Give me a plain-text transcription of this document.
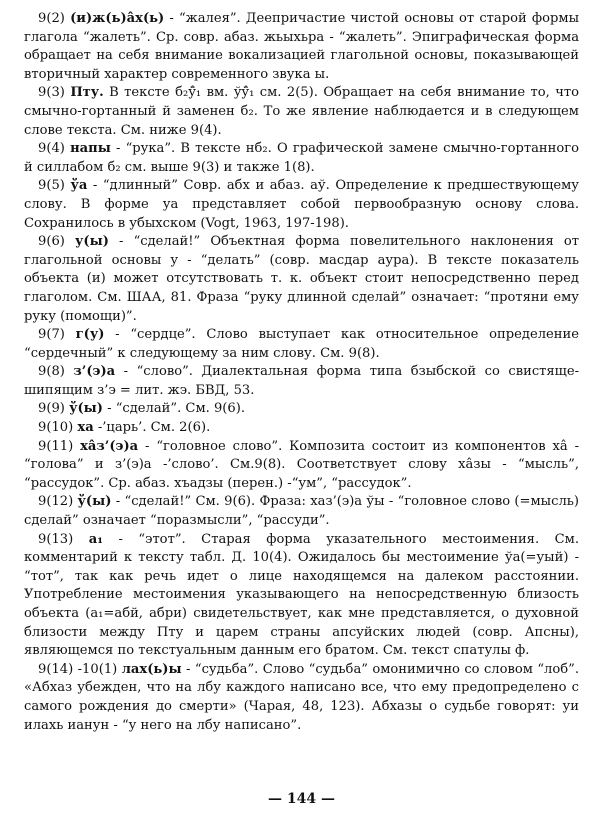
9(2) (и)ж(ь)а̂х(ь) - “жалея”. Деепричастие чистой основы от старой формы глагола “жалеть”. Ср. совр. абаз. жьыхьра - “жалеть”. Эпиграфическая форма обращает на себя внимание вокализацией глагольной основы, показывающей вторичный характер современного звука ы.

9(3) Пту. В тексте б₂ў̂₁ вм. ўў̂₁ см. 2(5). Обращает на себя внимание то, что смычно-гортанный й заменен б₂. То же явление наблюдается и в следующем слове текста. См. ниже 9(4).

9(4) напы - “рука”. В тексте нб₂. О графической замене смычно-гортанного й силлабом б₂ см. выше 9(3) и также 1(8).

9(5) ўа - “длинный” Совр. абх и абаз. аў. Определение к предшествующему слову. В форме уа представляет собой первообразную основу слова. Сохранилось в убыхском (Vogt, 1963, 197-198).

9(6) у(ы) - “сделай!” Объектная форма повелительного наклонения от глагольной основы у - “делать” (совр. масдар аура). В тексте показатель объекта (и) может отсутствовать т. к. объект стоит непосредственно перед глаголом. См. ШАА, 81. Фраза “руку длинной сделай” означает: “протяни ему руку (помощи)”.

9(7) г(у) - “сердце”. Слово выступает как относительное определение “сердечный” к следующему за ним слову. См. 9(8).

9(8) з’(э)а - “слово”. Диалектальная форма типа бзыбской со свистяще-шипящим з’э = лит. жэ. БВД, 53.

9(9) ў(ы) - “сделай”. См. 9(6).

9(10) ха -’царь’. См. 2(6).

9(11) ха̂з’(э)а - “головное слово”. Композита состоит из компонентов ха̂ - “голова” и з’(э)а -’слово’. См.9(8). Соответствует слову ха̂зы - “мысль”, “рассудок”. Ср. абаз. хъадзы (перен.) -“ум”, “рассудок”.

9(12) ў(ы) - “сделай!” См. 9(6). Фраза: хаз’(э)а ўы - “головное слово (=мысль) сделай” означает “поразмысли”, “рассуди”.

9(13) а₁ - “этот”. Старая форма указательного местоимения. См. комментарий к тексту табл. Д. 10(4). Ожидалось бы местоимение ўа(=уый) - “тот”, так как речь идет о лице находящемся на далеком расстоянии. Употребление местоимения указывающего на непосредственную близость объекта (а₁=абй, абри) свидетельствует, как мне представляется, о духовной близости между Пту и царем страны апсуйских людей (совр. Апсны), являющемся по текстуальным данным его братом. См. текст спатулы ф.

9(14) -10(1) лах(ь)ы - “судьба”. Слово “судьба” омонимично со словом “лоб”. «Абхаз убежден, что на лбу каждого написано все, что ему предопределено с самого рождения до смерти» (Чарая, 48, 123). Абхазы о судьбе говорят: уи илахь ианун - “у него на лбу написано”.

— 144 —
